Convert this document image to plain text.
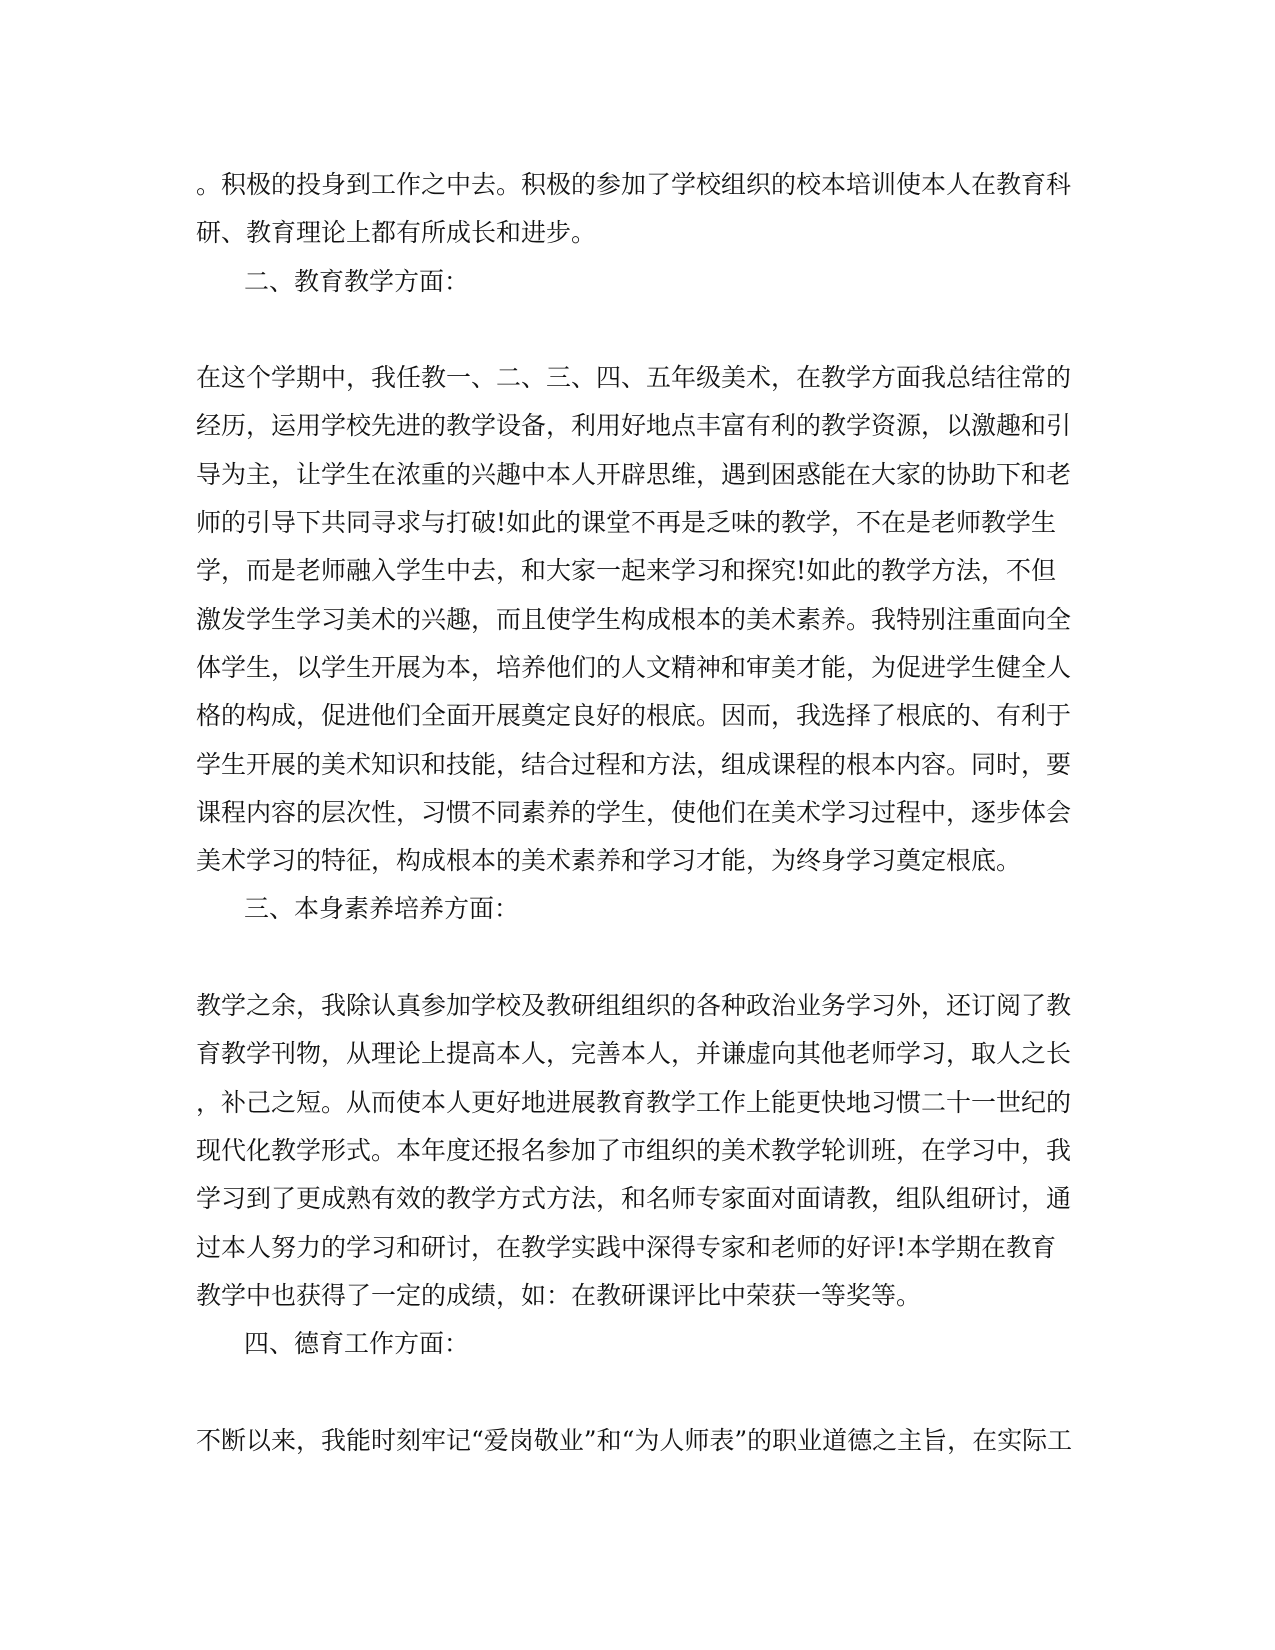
。积极的投身到工作之中去。积极的参加了学校组织的校本培训使本人在教育科
研、教育理论上都有所成长和进步。
二、教育教学方面：
在这个学期中，我任教一、二、三、四、五年级美术，在教学方面我总结往常的
经历，运用学校先进的教学设备，利用好地点丰富有利的教学资源，以激趣和引
导为主，让学生在浓重的兴趣中本人开辟思维，遇到困惑能在大家的协助下和老
师的引导下共同寻求与打破!如此的课堂不再是乏味的教学，不在是老师教学生
学，而是老师融入学生中去，和大家一起来学习和探究!如此的教学方法，不但
激发学生学习美术的兴趣，而且使学生构成根本的美术素养。我特别注重面向全
体学生，以学生开展为本，培养他们的人文精神和审美才能，为促进学生健全人
格的构成，促进他们全面开展奠定良好的根底。因而，我选择了根底的、有利于
学生开展的美术知识和技能，结合过程和方法，组成课程的根本内容。同时，要
课程内容的层次性，习惯不同素养的学生，使他们在美术学习过程中，逐步体会
美术学习的特征，构成根本的美术素养和学习才能，为终身学习奠定根底。
三、本身素养培养方面：
教学之余，我除认真参加学校及教研组组织的各种政治业务学习外，还订阅了教
育教学刊物，从理论上提高本人，完善本人，并谦虚向其他老师学习，取人之长
，补己之短。从而使本人更好地进展教育教学工作上能更快地习惯二十一世纪的
现代化教学形式。本年度还报名参加了市组织的美术教学轮训班，在学习中，我
学习到了更成熟有效的教学方式方法，和名师专家面对面请教，组队组研讨，通
过本人努力的学习和研讨，在教学实践中深得专家和老师的好评!本学期在教育
教学中也获得了一定的成绩，如：在教研课评比中荣获一等奖等。
四、德育工作方面：
不断以来，我能时刻牢记“爱岗敬业”和“为人师表”的职业道德之主旨，在实际工
